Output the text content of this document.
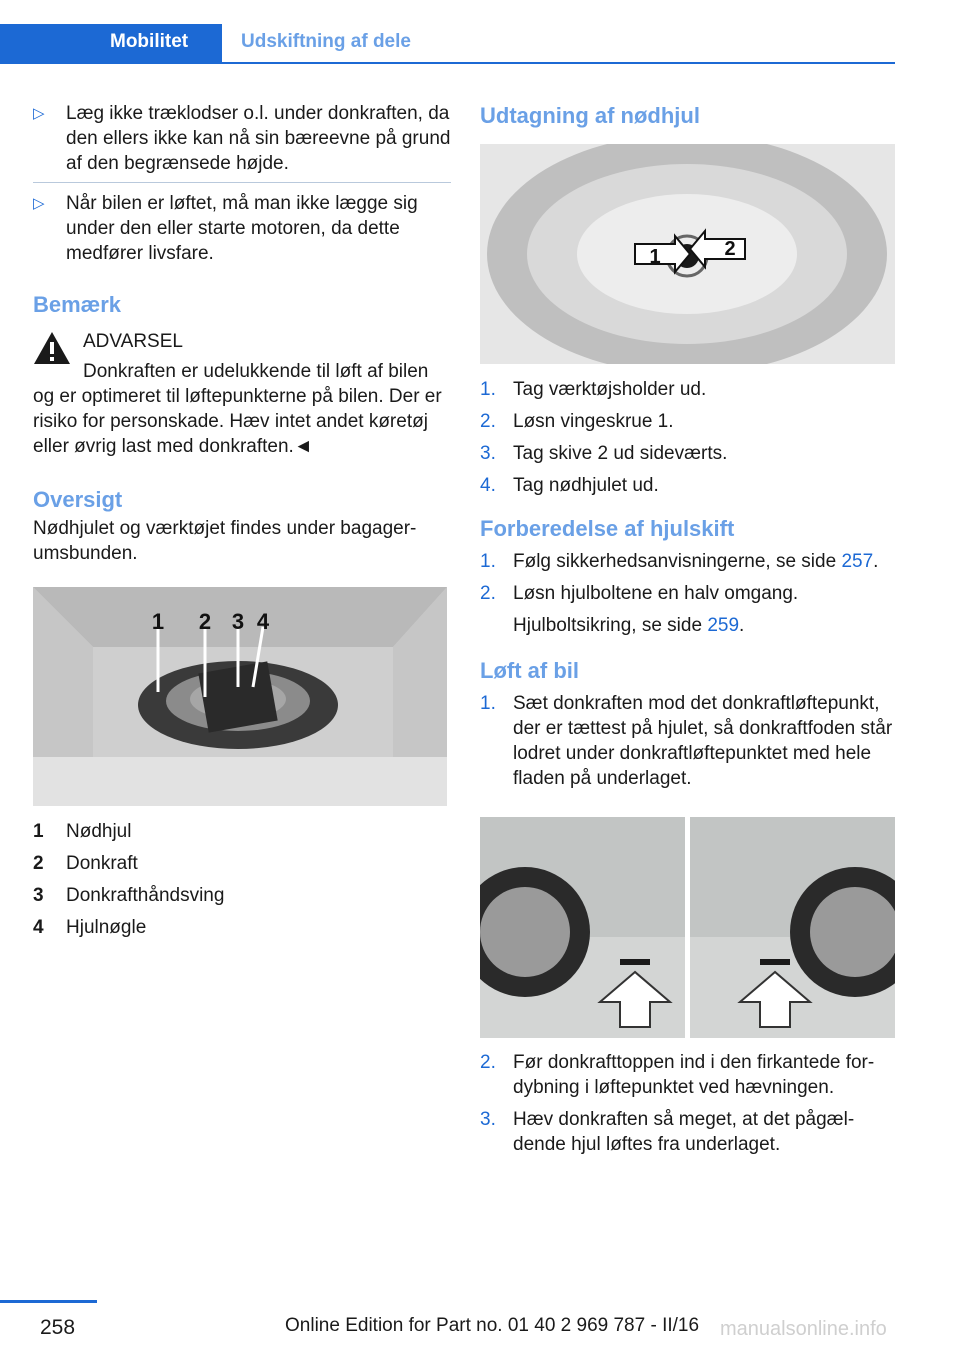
Mobilitet	Udskiftning af dele
▷ Læg ikke træklodser o.l. under donkraften, da den ellers ikke kan nå sin bæreevne på grund af den begrænsede højde.

▷ Når bilen er løftet, må man ikke lægge sig under den eller starte motoren, da dette medfører livsfare.

Bemærk

ADVARSEL

Donkraften er udelukkende til løft af bilen

og er optimeret til løftepunkterne på bilen. Der er risiko for personskade. Hæv intet andet køretøj eller øvrig last med donkraften.◄

Oversigt

Nødhjulet og værktøjet findes under bagagerumsbunden.

1 2 3 4
1	Nødhjul
2	Donkraft
3	Donkrafthåndsving
4	Hjulnøgle
Udtagning af nødhjul
1	2
1. Tag værktøjsholder ud.
2. Løsn vingeskrue 1.
3. Tag skive 2 ud sideværts.
4. Tag nødhjulet ud.
Forberedelse af hjulskift
1. Følg sikkerhedsanvisningerne, se side 257.
2. Løsn hjulboltene en halv omgang.
Hjulboltsikring, se side 259.
Løft af bil
1. Sæt donkraften mod det donkraftløftepunkt, der er tættest på hjulet, så donkraftfoden står lodret under donkraftløftepunktet med hele fladen på underlaget.
2. Før donkrafttoppen ind i den firkantede fordybning i løftepunktet ved hævningen.
3. Hæv donkraften så meget, at det pågældende hjul løftes fra underlaget.
258	Online Edition for Part no. 01 40 2 969 787 - II/16 manualsonline.info
